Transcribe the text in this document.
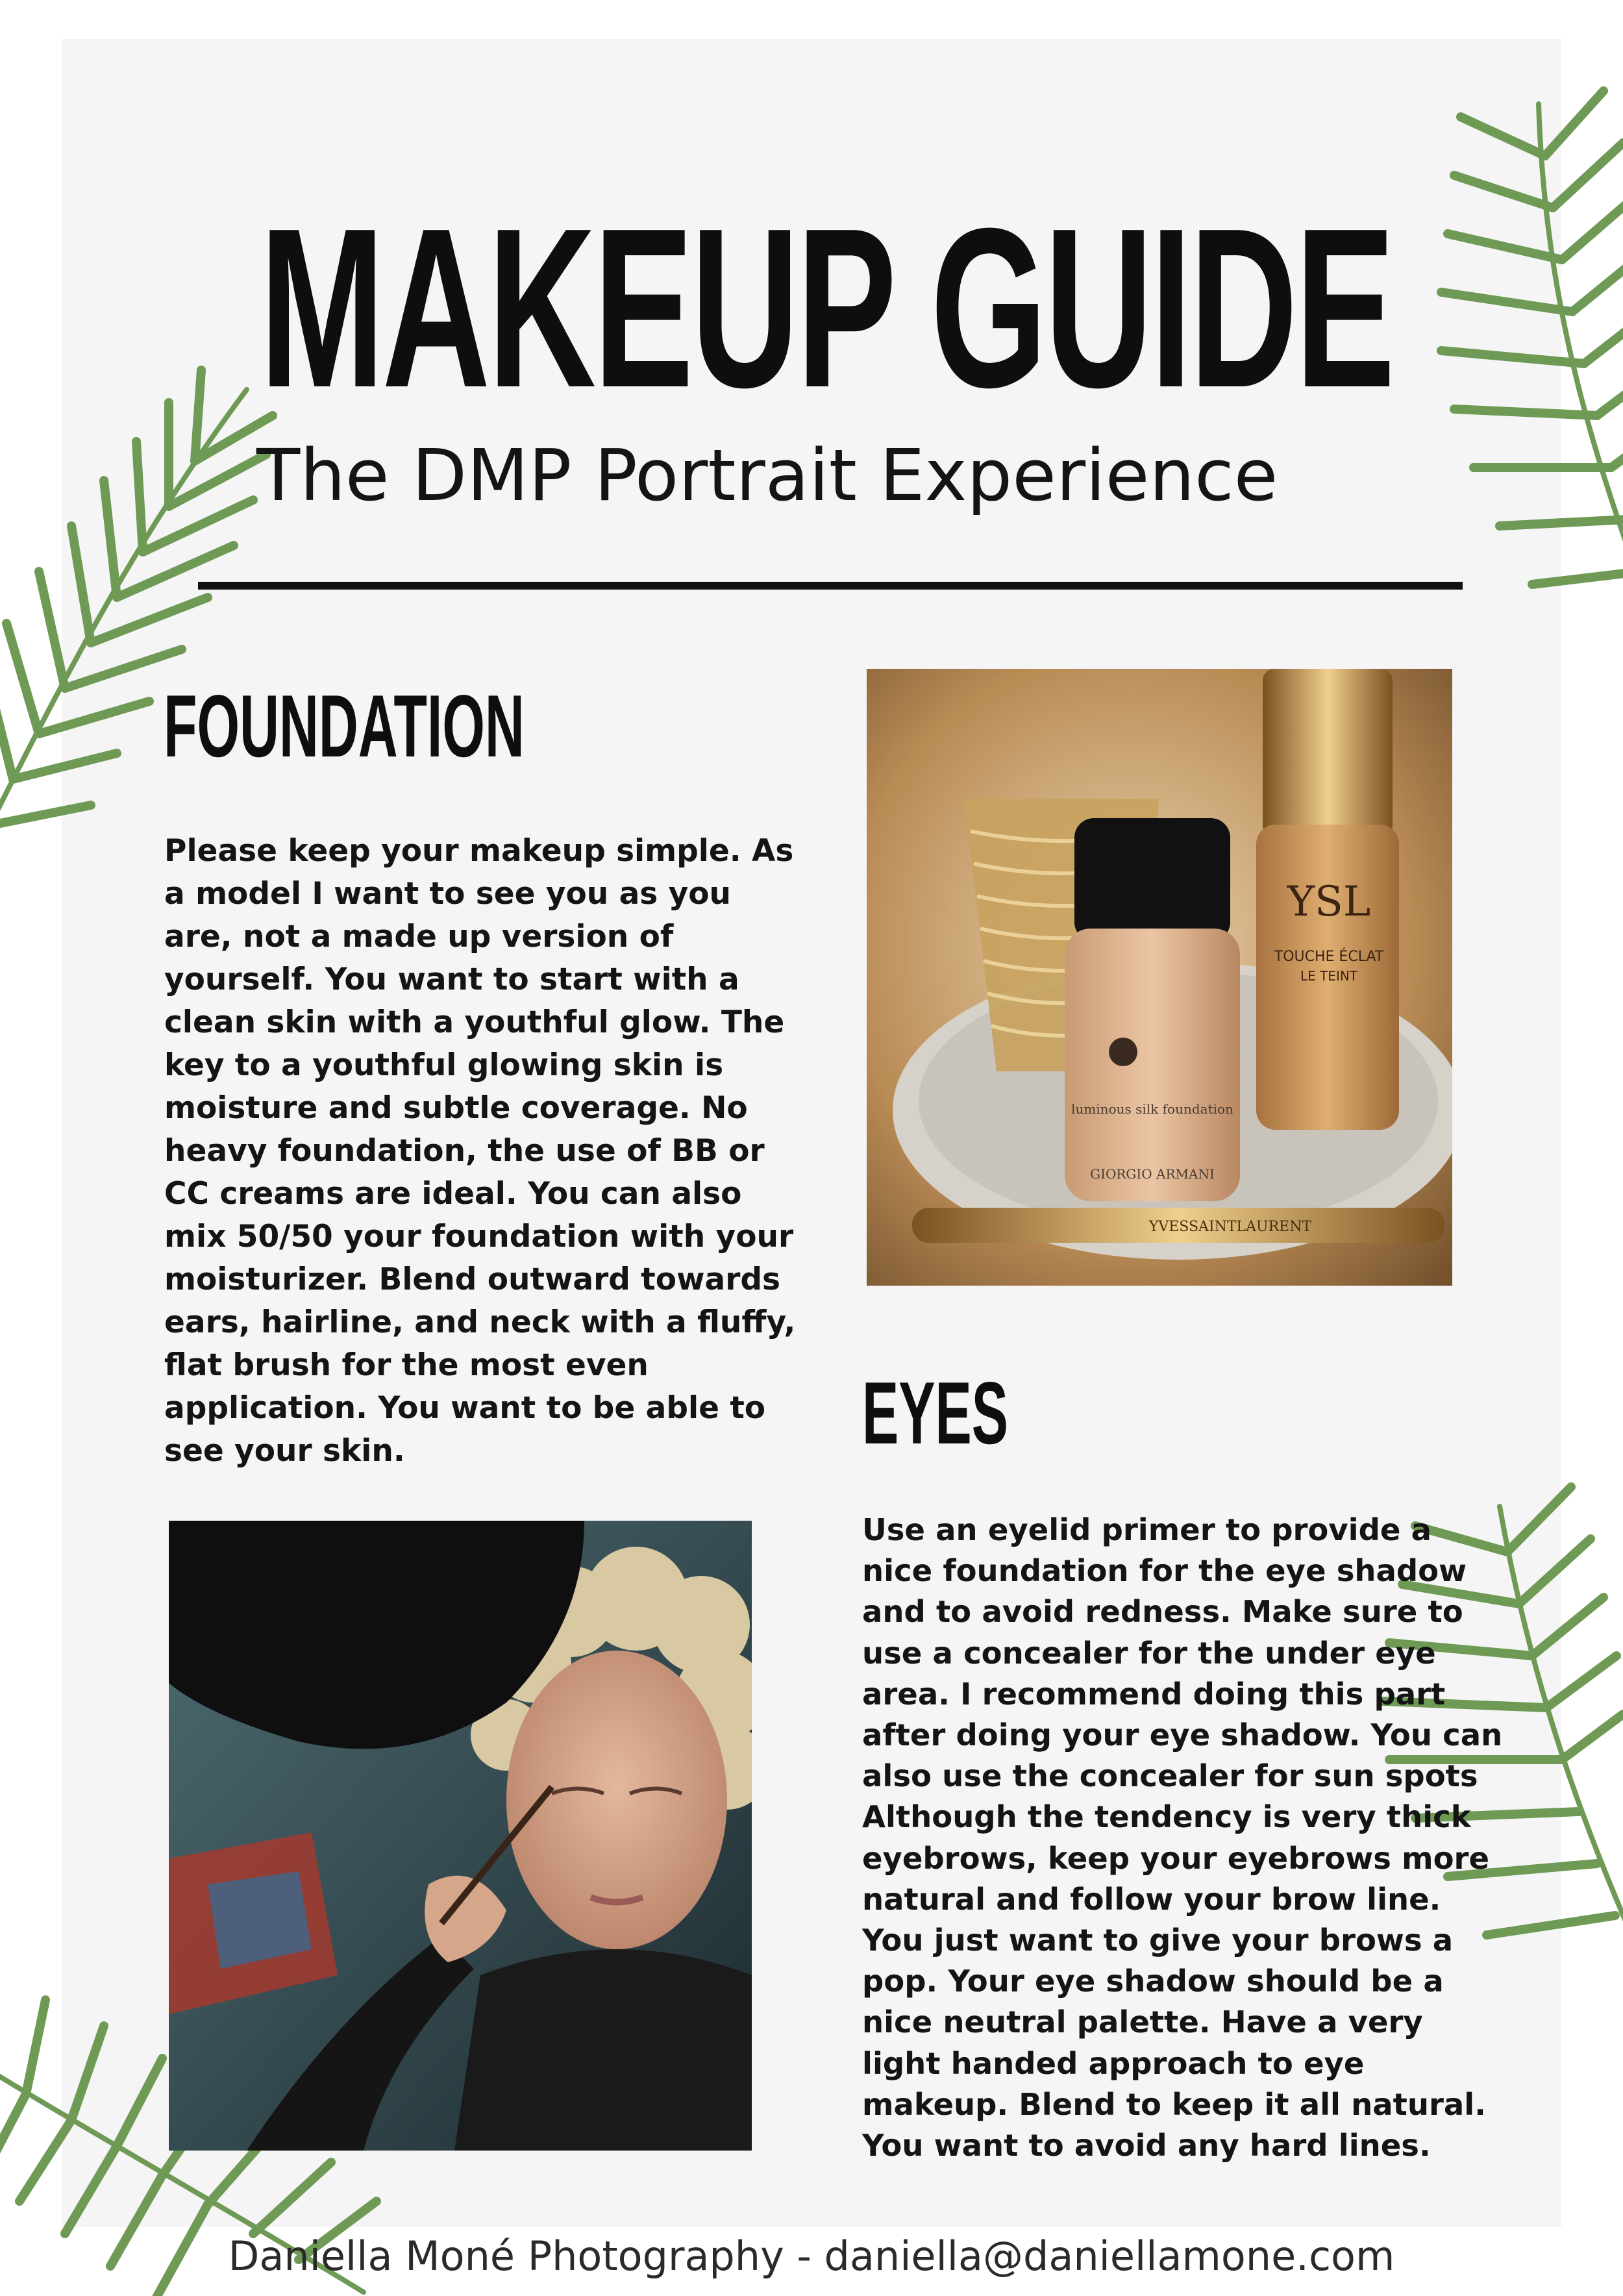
MAKEUP GUIDE
The DMP Portrait Experience
FOUNDATION
Please keep your makeup simple. As a model I want to see you as you are, not a made up version of yourself. You want to start with a clean skin with a youthful glow. The key to a youthful glowing skin is moisture and subtle coverage. No heavy foundation, the use of BB or CC creams are ideal. You can also mix 50/50 your foundation with your moisturizer. Blend outward towards ears, hairline, and neck with a fluffy, flat brush for the most even application. You want to be able to see your skin.
luminous silk foundation
GIORGIO ARMANI
YSL
TOUCHE ÉCLAT
LE TEINT
YVESSAINTLAURENT
EYES
Use an eyelid primer to provide a nice foundation for the eye shadow and to avoid redness. Make sure to use a concealer for the under eye area. I recommend doing this part after doing your eye shadow. You can also use the concealer for sun spots Although the tendency is very thick eyebrows, keep your eyebrows more natural and follow your brow line. You just want to give your brows a pop. Your eye shadow should be a nice neutral palette. Have a very light handed approach to eye makeup. Blend to keep it all natural. You want to avoid any hard lines.
Daniella Moné Photography - daniella@daniellamone.com
